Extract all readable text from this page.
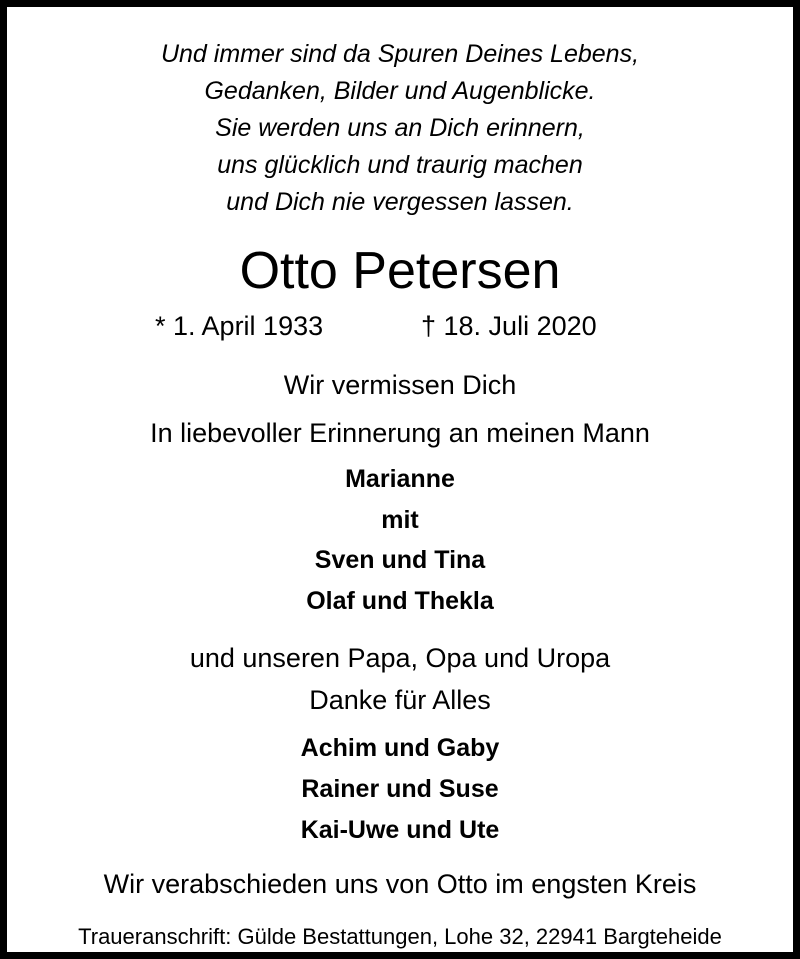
Und immer sind da Spuren Deines Lebens,
Gedanken, Bilder und Augenblicke.
Sie werden uns an Dich erinnern,
uns glücklich und traurig machen
und Dich nie vergessen lassen.
Otto Petersen
* 1. April 1933	† 18. Juli 2020
Wir vermissen Dich
In liebevoller Erinnerung an meinen Mann
Marianne
mit
Sven und Tina
Olaf und Thekla
und unseren Papa, Opa und Uropa
Danke für Alles
Achim und Gaby
Rainer und Suse
Kai-Uwe und Ute
Wir verabschieden uns von Otto im engsten Kreis
Traueranschrift: Gülde Bestattungen, Lohe 32, 22941 Bargteheide
